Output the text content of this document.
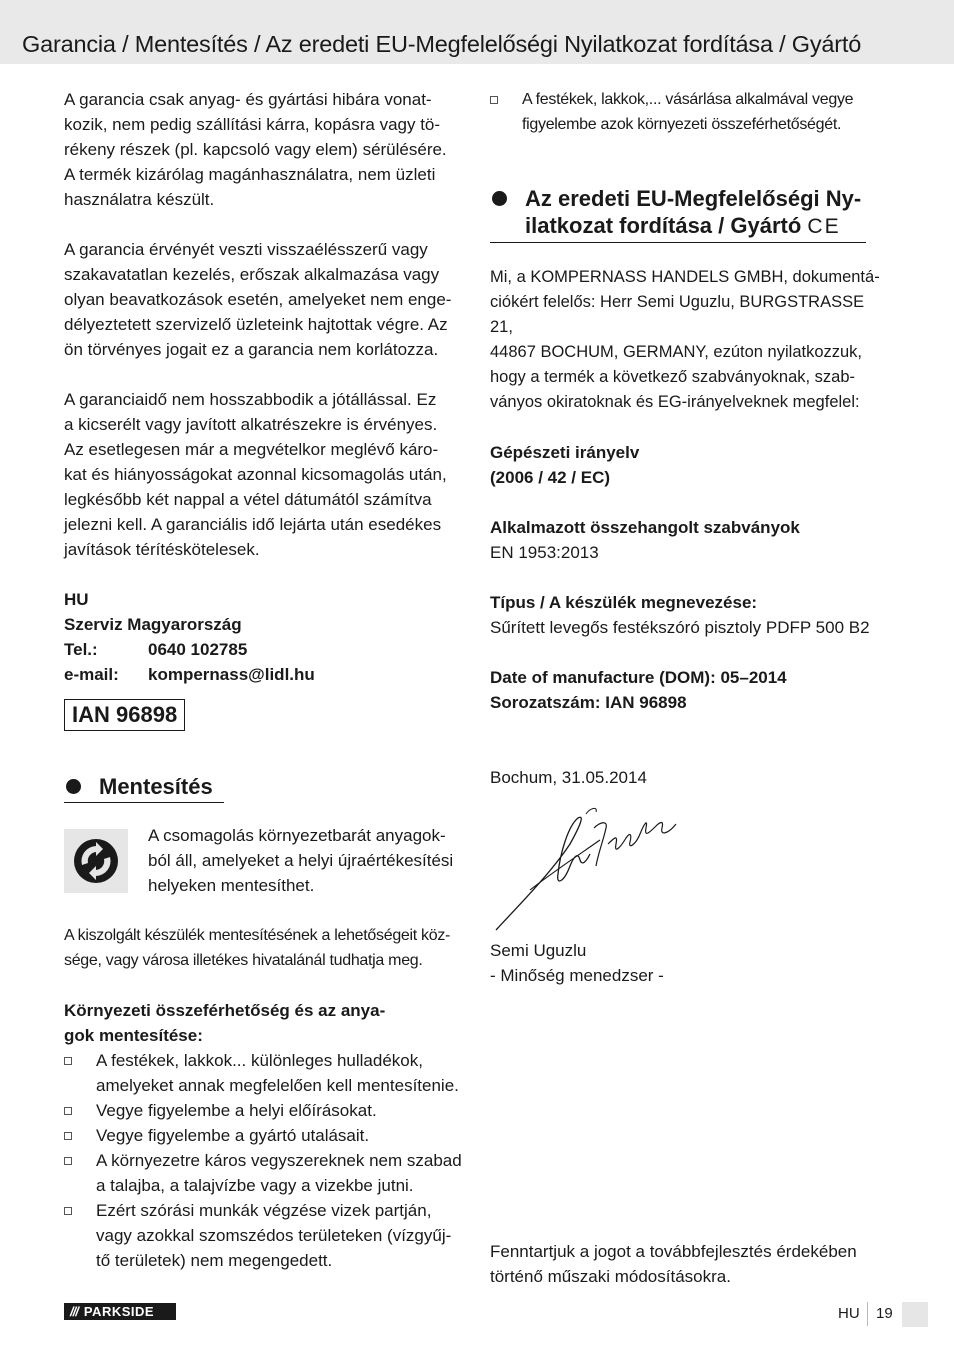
Garancia / Mentesítés / Az eredeti EU-Megfelelőségi Nyilatkozat fordítása / Gyártó
A garancia csak anyag- és gyártási hibára vonat-
kozik, nem pedig szállítási kárra, kopásra vagy tö-
rékeny részek (pl. kapcsoló vagy elem) sérülésére.
A termék kizárólag magánhasználatra, nem üzleti
használatra készült.
A garancia érvényét veszti visszaélésszerű vagy
szakavatatlan kezelés, erőszak alkalmazása vagy
olyan beavatkozások esetén, amelyeket nem enge-
délyeztetett szervizelő üzleteink hajtottak végre. Az
ön törvényes jogait ez a garancia nem korlátozza.
A garanciaidő nem hosszabbodik a jótállással. Ez
a kicserélt vagy javított alkatrészekre is érvényes.
Az esetlegesen már a megvételkor meglévő káro-
kat és hiányosságokat azonnal kicsomagolás után,
legkésőbb két nappal a vétel dátumától számítva
jelezni kell. A garanciális idő lejárta után esedékes
javítások térítéskötelesek.
HU
Szerviz Magyarország
Tel.:	0640 102785
e-mail:	kompernass@lidl.hu
IAN 96898
Mentesítés
A csomagolás környezetbarát anyagok-
ból áll, amelyeket a helyi újraértékesítési
helyeken mentesíthet.
A kiszolgált készülék mentesítésének a lehetőségeit köz-
sége, vagy városa illetékes hivatalánál tudhatja meg.
Környezeti összeférhetőség és az anya-
gok mentesítése:
A festékek, lakkok... különleges hulladékok,
amelyeket annak megfelelően kell mentesítenie.
Vegye figyelembe a helyi előírásokat.
Vegye figyelembe a gyártó utalásait.
A környezetre káros vegyszereknek nem szabad
a talajba, a talajvízbe vagy a vizekbe jutni.
Ezért szórási munkák végzése vizek partján,
vagy azokkal szomszédos területeken (vízgyűj-
tő területek) nem megengedett.
A festékek, lakkok,... vásárlása alkalmával vegye
figyelembe azok környezeti összeférhetőségét.
Az eredeti EU-Megfelelőségi Ny-
ilatkozat fordítása / Gyártó CE
Mi, a KOMPERNASS HANDELS GMBH, dokumentá-
ciókért felelős: Herr Semi Uguzlu, BURGSTRASSE 21,
44867 BOCHUM, GERMANY, ezúton nyilatkozzuk,
hogy a termék a következő szabványoknak, szab-
ványos okiratoknak és EG-irányelveknek megfelel:
Gépészeti irányelv
(2006 / 42 / EC)
Alkalmazott összehangolt szabványok
EN 1953:2013
Típus / A készülék megnevezése:
Sűrített levegős festékszóró pisztoly PDFP 500 B2
Date of manufacture (DOM): 05–2014
Sorozatszám: IAN 96898
Bochum, 31.05.2014
Semi Uguzlu
- Minőség menedzser -
Fenntartjuk a jogot a továbbfejlesztés érdekében
történő műszaki módosításokra.
/// PARKSIDE	HU 19
